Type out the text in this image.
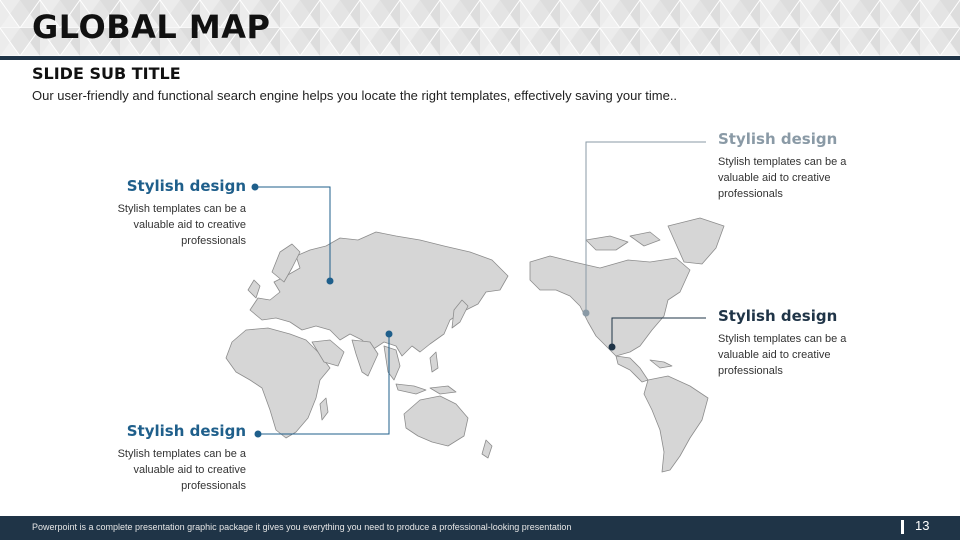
GLOBAL MAP
SLIDE SUB TITLE
Our user-friendly and functional search engine helps you locate the right templates, effectively saving your time..
Stylish design
Stylish templates can be a valuable aid to creative professionals
Stylish design
Stylish templates can be a valuable aid to creative professionals
Stylish design
Stylish templates can be a valuable aid to creative professionals
Stylish design
Stylish templates can be a valuable aid to creative professionals
Powerpoint is a complete presentation graphic package it gives you everything you need to produce a professional-looking presentation	13
